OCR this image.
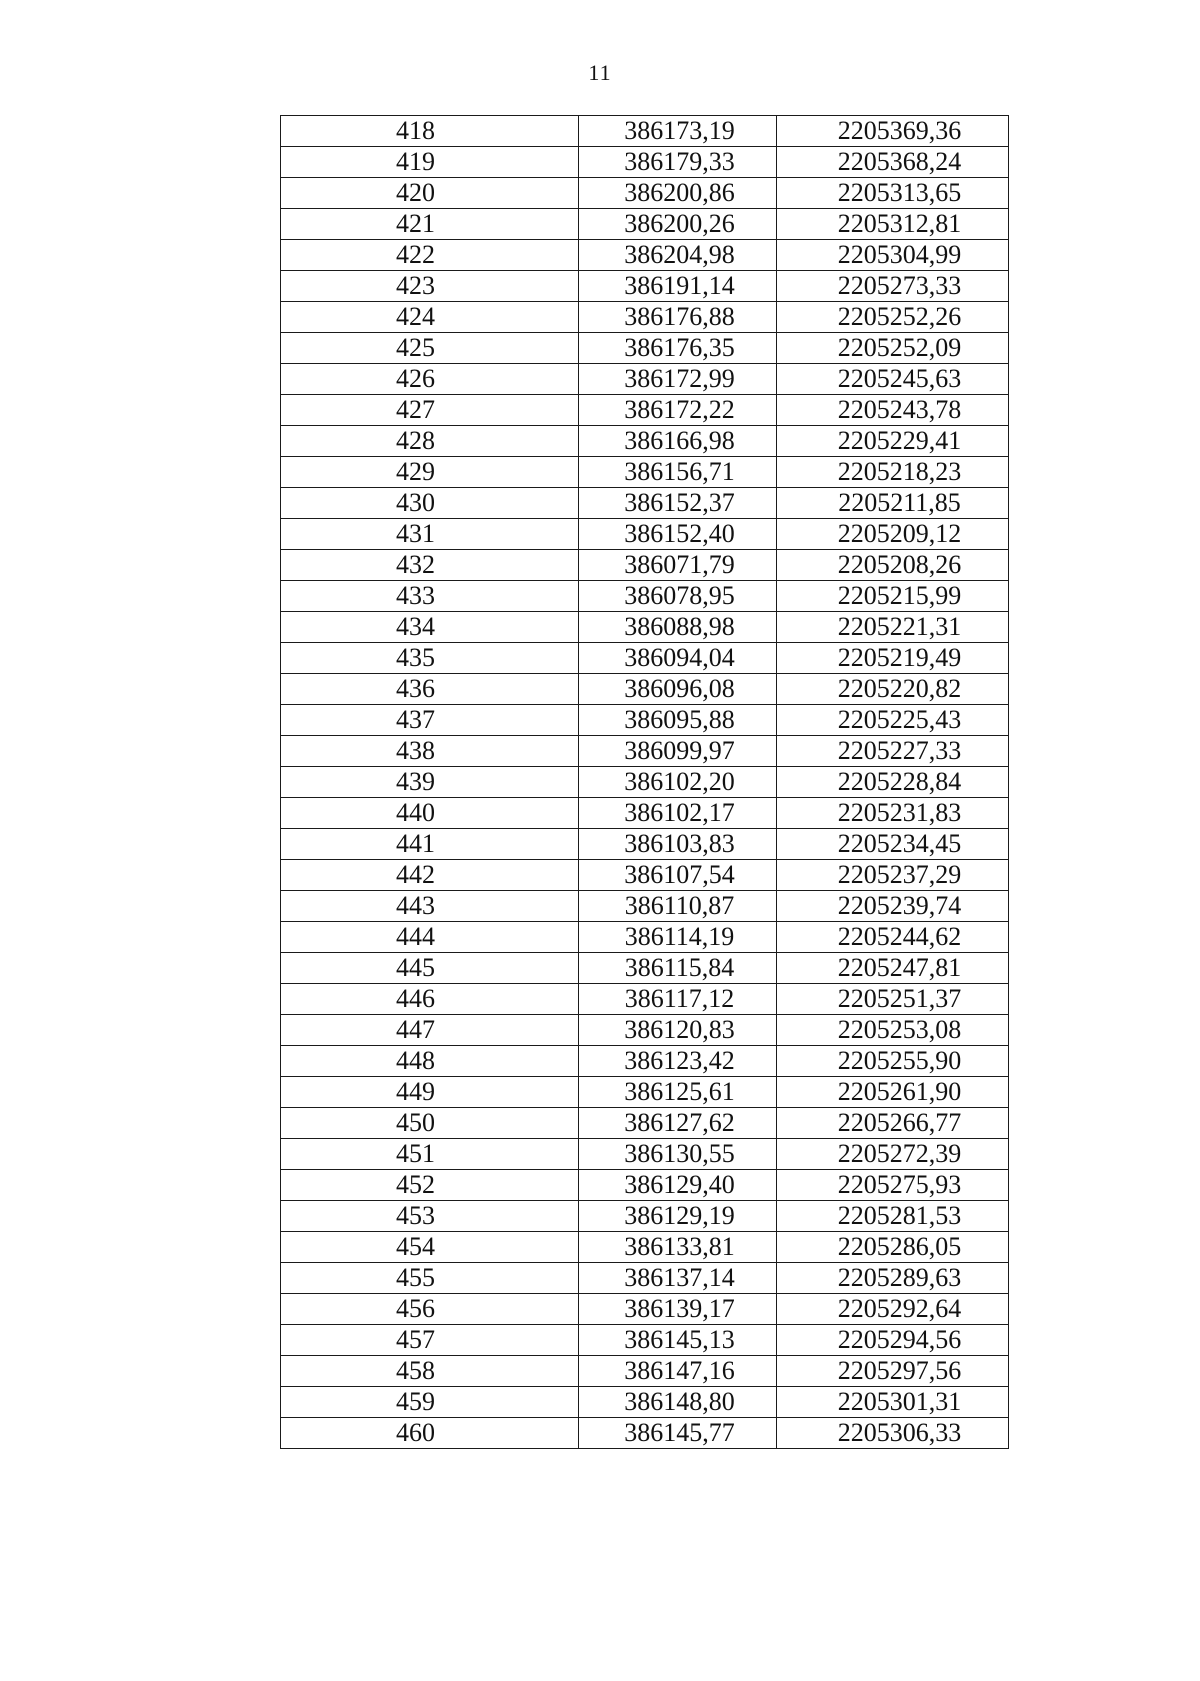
11
418	386173,19	2205369,36
419	386179,33	2205368,24
420	386200,86	2205313,65
421	386200,26	2205312,81
422	386204,98	2205304,99
423	386191,14	2205273,33
424	386176,88	2205252,26
425	386176,35	2205252,09
426	386172,99	2205245,63
427	386172,22	2205243,78
428	386166,98	2205229,41
429	386156,71	2205218,23
430	386152,37	2205211,85
431	386152,40	2205209,12
432	386071,79	2205208,26
433	386078,95	2205215,99
434	386088,98	2205221,31
435	386094,04	2205219,49
436	386096,08	2205220,82
437	386095,88	2205225,43
438	386099,97	2205227,33
439	386102,20	2205228,84
440	386102,17	2205231,83
441	386103,83	2205234,45
442	386107,54	2205237,29
443	386110,87	2205239,74
444	386114,19	2205244,62
445	386115,84	2205247,81
446	386117,12	2205251,37
447	386120,83	2205253,08
448	386123,42	2205255,90
449	386125,61	2205261,90
450	386127,62	2205266,77
451	386130,55	2205272,39
452	386129,40	2205275,93
453	386129,19	2205281,53
454	386133,81	2205286,05
455	386137,14	2205289,63
456	386139,17	2205292,64
457	386145,13	2205294,56
458	386147,16	2205297,56
459	386148,80	2205301,31
460	386145,77	2205306,33
